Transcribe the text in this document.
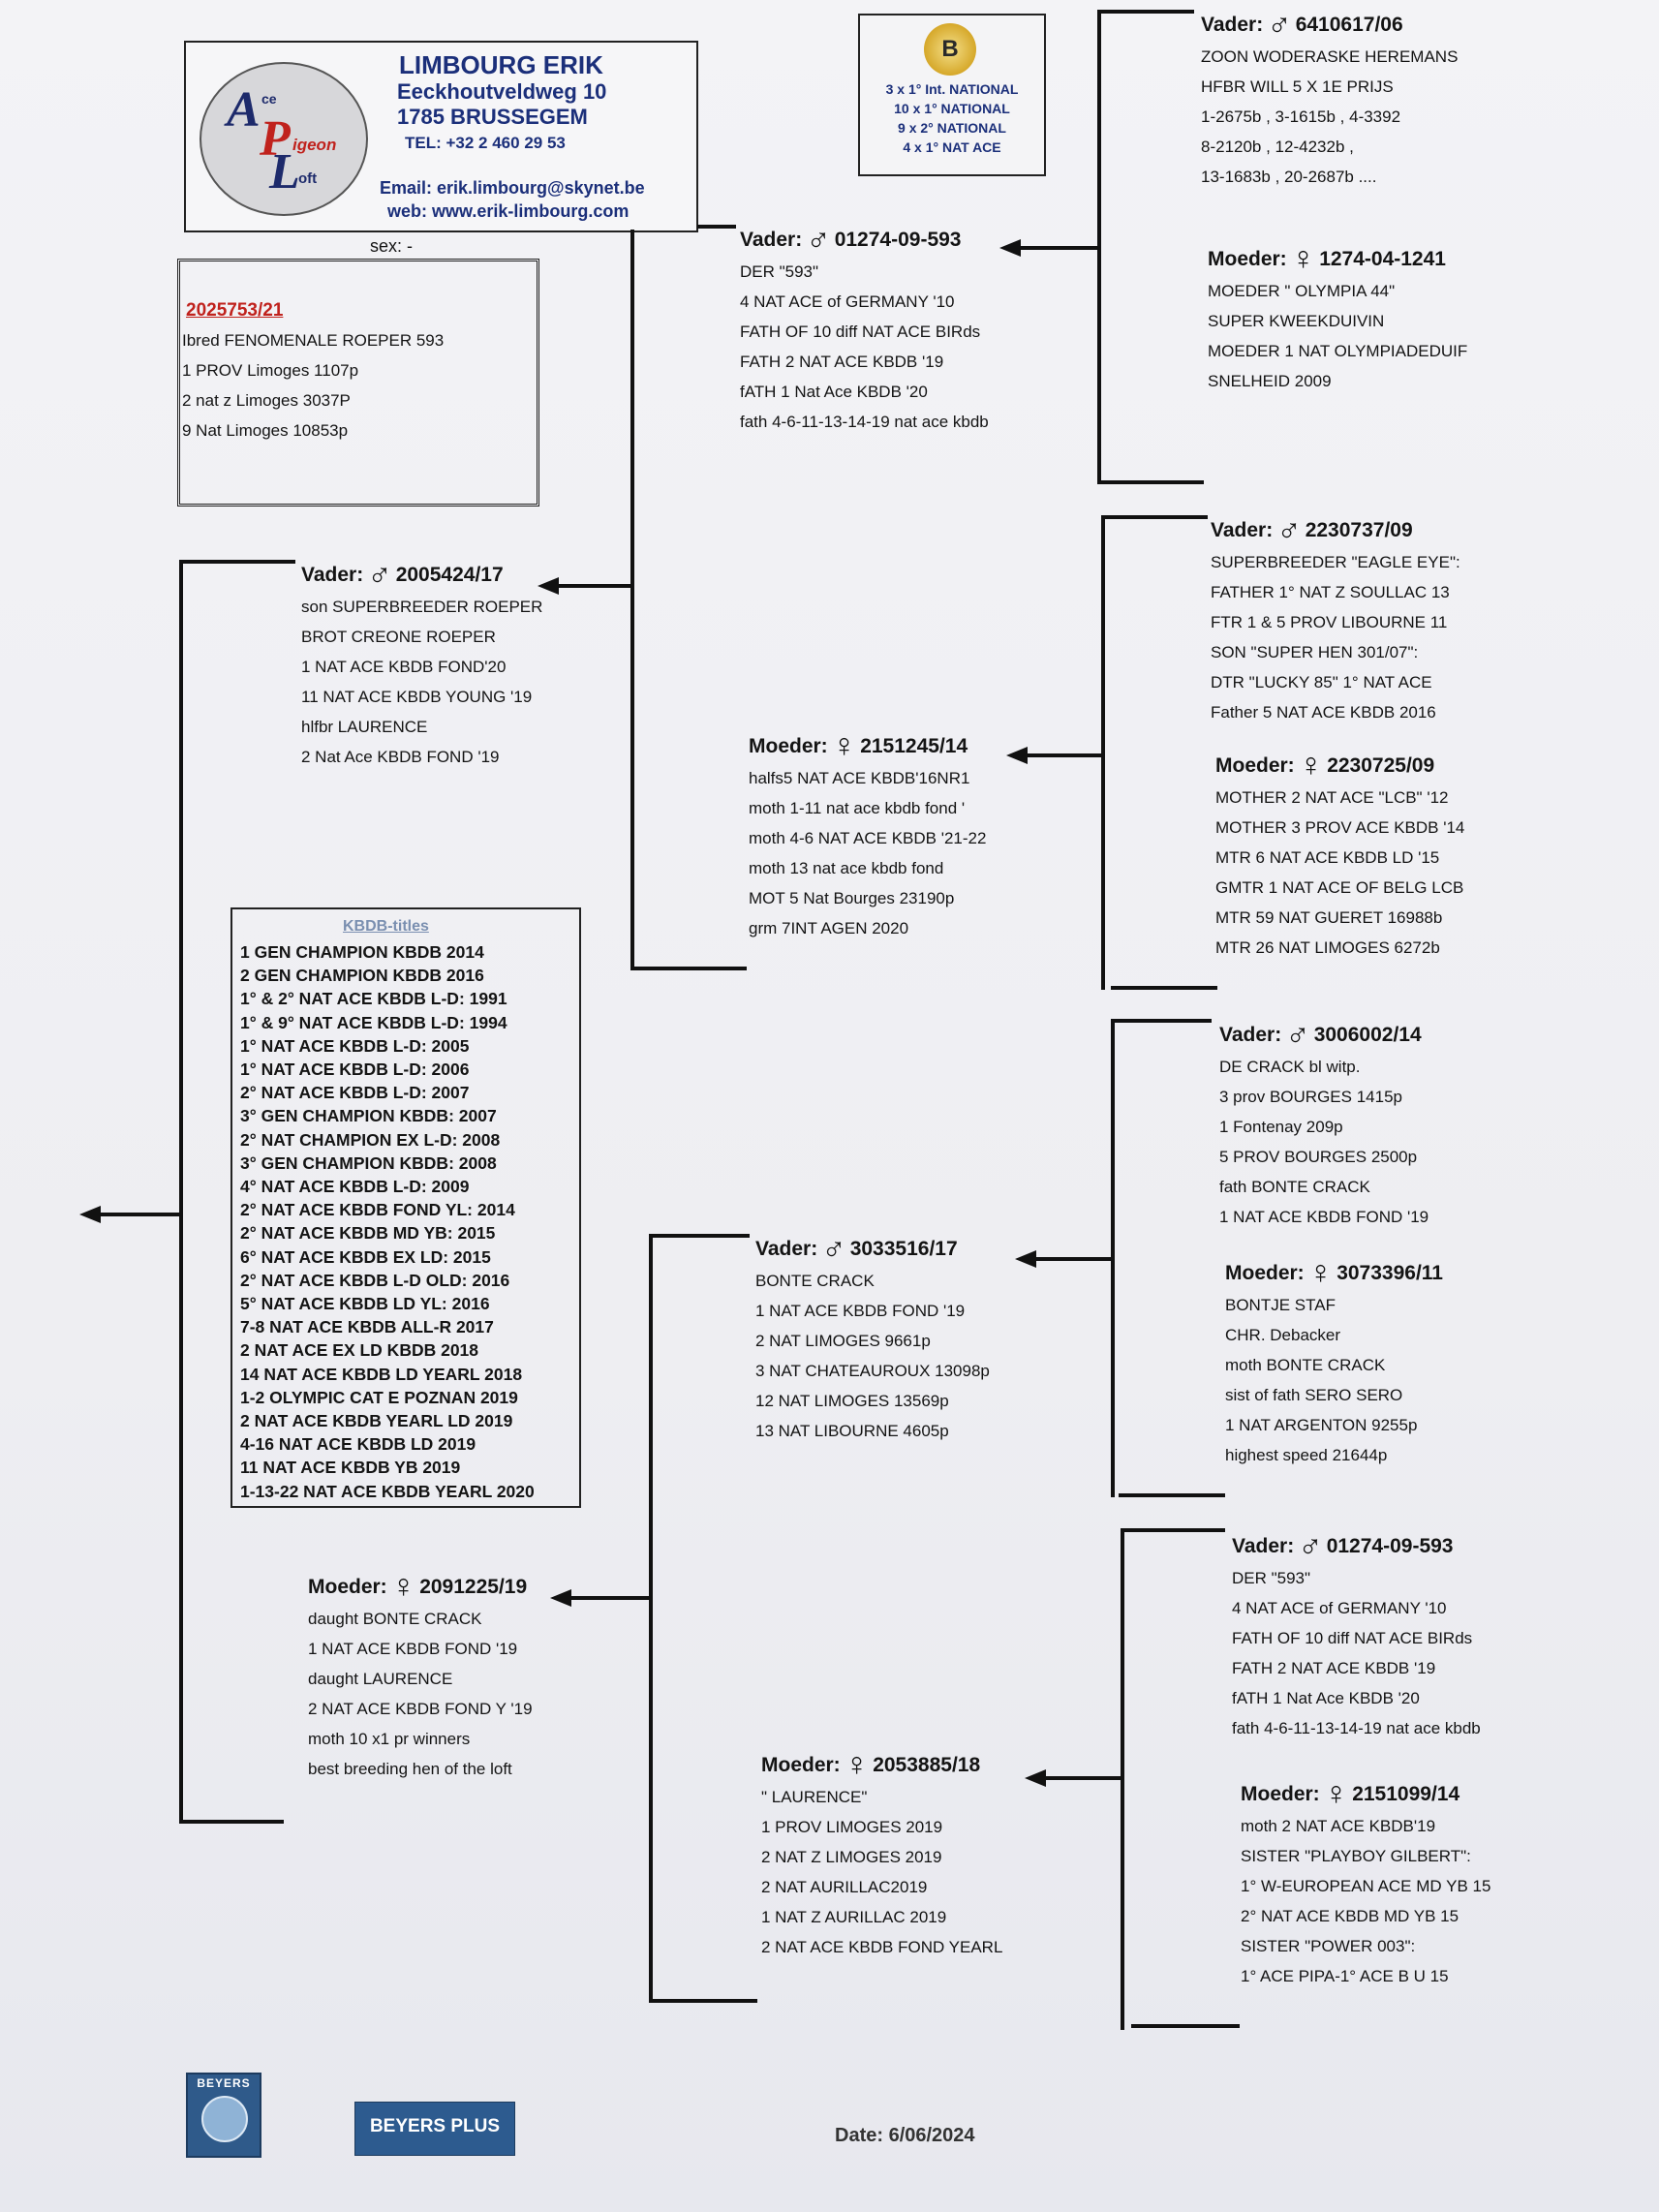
A ce
P igeon
L
oft
LIMBOURG ERIK
Eeckhoutveldweg 10
1785 BRUSSEGEM
TEL: +32 2 460 29 53
Email: erik.limbourg@skynet.be
web: www.erik-limbourg.com
B
3 x 1° Int. NATIONAL
10 x 1° NATIONAL
9 x 2° NATIONAL
4 x 1° NAT ACE
sex: -
2025753/21
Ibred FENOMENALE ROEPER 593
1 PROV Limoges 1107p
2 nat z Limoges 3037P
9 Nat Limoges 10853p
KBDB-titles
1 GEN CHAMPION KBDB 2014
2 GEN CHAMPION KBDB 2016
1° & 2° NAT ACE KBDB L-D: 1991
1° & 9° NAT ACE KBDB L-D: 1994
1° NAT ACE KBDB L-D: 2005
1° NAT ACE KBDB L-D: 2006
2° NAT ACE KBDB L-D: 2007
3° GEN CHAMPION KBDB: 2007
2° NAT CHAMPION EX L-D: 2008
3° GEN CHAMPION KBDB: 2008
4° NAT ACE KBDB L-D: 2009
2° NAT ACE KBDB FOND YL: 2014
2° NAT ACE KBDB MD YB: 2015
6° NAT ACE KBDB EX LD: 2015
2° NAT ACE KBDB L-D OLD: 2016
5° NAT ACE KBDB LD YL: 2016
7-8 NAT ACE KBDB ALL-R 2017
2 NAT ACE EX LD KBDB 2018
14 NAT ACE KBDB LD YEARL 2018
1-2 OLYMPIC CAT E POZNAN 2019
2 NAT ACE KBDB YEARL LD 2019
4-16 NAT ACE KBDB LD 2019
11 NAT ACE KBDB YB 2019
1-13-22 NAT ACE KBDB YEARL 2020
Vader: ♂ 2005424/17
son SUPERBREEDER ROEPER
BROT CREONE ROEPER
1 NAT ACE KBDB FOND'20
11 NAT ACE KBDB YOUNG '19
hlfbr LAURENCE
2 Nat Ace KBDB FOND '19
Moeder: ♀ 2091225/19
daught BONTE CRACK
1 NAT ACE KBDB FOND '19
daught LAURENCE
2 NAT ACE KBDB FOND Y '19
moth 10 x1 pr winners
best breeding hen of the loft
Vader: ♂ 01274-09-593
DER "593"
4 NAT ACE of GERMANY '10
FATH OF 10 diff NAT ACE BIRds
FATH 2 NAT ACE KBDB '19
fATH 1 Nat Ace KBDB '20
fath 4-6-11-13-14-19 nat ace kbdb
Moeder: ♀ 2151245/14
halfs5 NAT ACE KBDB'16NR1
moth 1-11 nat ace kbdb fond '
moth 4-6 NAT ACE KBDB '21-22
moth 13 nat ace kbdb fond
MOT 5 Nat Bourges 23190p
grm 7INT AGEN 2020
Vader: ♂ 3033516/17
BONTE CRACK
1 NAT ACE KBDB FOND '19
2 NAT LIMOGES 9661p
3 NAT CHATEAUROUX 13098p
12 NAT LIMOGES 13569p
13 NAT LIBOURNE 4605p
Moeder: ♀ 2053885/18
" LAURENCE"
1 PROV LIMOGES 2019
2 NAT Z LIMOGES 2019
2 NAT AURILLAC2019
1 NAT Z AURILLAC 2019
2 NAT ACE KBDB FOND YEARL
Vader: ♂ 6410617/06
ZOON WODERASKE HEREMANS
HFBR WILL 5 X 1E PRIJS
1-2675b , 3-1615b , 4-3392
8-2120b , 12-4232b ,
13-1683b , 20-2687b ....
Moeder: ♀ 1274-04-1241
MOEDER " OLYMPIA 44"
SUPER KWEEKDUIVIN
MOEDER 1 NAT OLYMPIADEDUIF
SNELHEID 2009
Vader: ♂ 2230737/09
SUPERBREEDER "EAGLE EYE":
FATHER 1° NAT Z SOULLAC 13
FTR 1 & 5 PROV LIBOURNE 11
SON "SUPER HEN 301/07":
DTR "LUCKY 85" 1° NAT ACE
Father 5 NAT ACE KBDB 2016
Moeder: ♀ 2230725/09
MOTHER 2 NAT ACE "LCB" '12
MOTHER 3 PROV ACE KBDB '14
MTR 6 NAT ACE KBDB LD '15
GMTR 1 NAT ACE OF BELG LCB
MTR 59 NAT GUERET 16988b
MTR 26 NAT LIMOGES 6272b
Vader: ♂ 3006002/14
DE CRACK bl witp.
3 prov BOURGES 1415p
1 Fontenay 209p
5 PROV BOURGES 2500p
fath BONTE CRACK
1 NAT ACE KBDB FOND '19
Moeder: ♀ 3073396/11
BONTJE STAF
CHR. Debacker
moth BONTE CRACK
sist of fath SERO SERO
1 NAT ARGENTON 9255p
highest speed 21644p
Vader: ♂ 01274-09-593
DER "593"
4 NAT ACE of GERMANY '10
FATH OF 10 diff NAT ACE BIRds
FATH 2 NAT ACE KBDB '19
fATH 1 Nat Ace KBDB '20
fath 4-6-11-13-14-19 nat ace kbdb
Moeder: ♀ 2151099/14
moth 2 NAT ACE KBDB'19
SISTER "PLAYBOY GILBERT":
1° W-EUROPEAN ACE MD YB 15
2° NAT ACE KBDB MD YB 15
SISTER "POWER 003":
1° ACE PIPA-1° ACE B U 15
BEYERS
BEYERS PLUS	Date: 6/06/2024
